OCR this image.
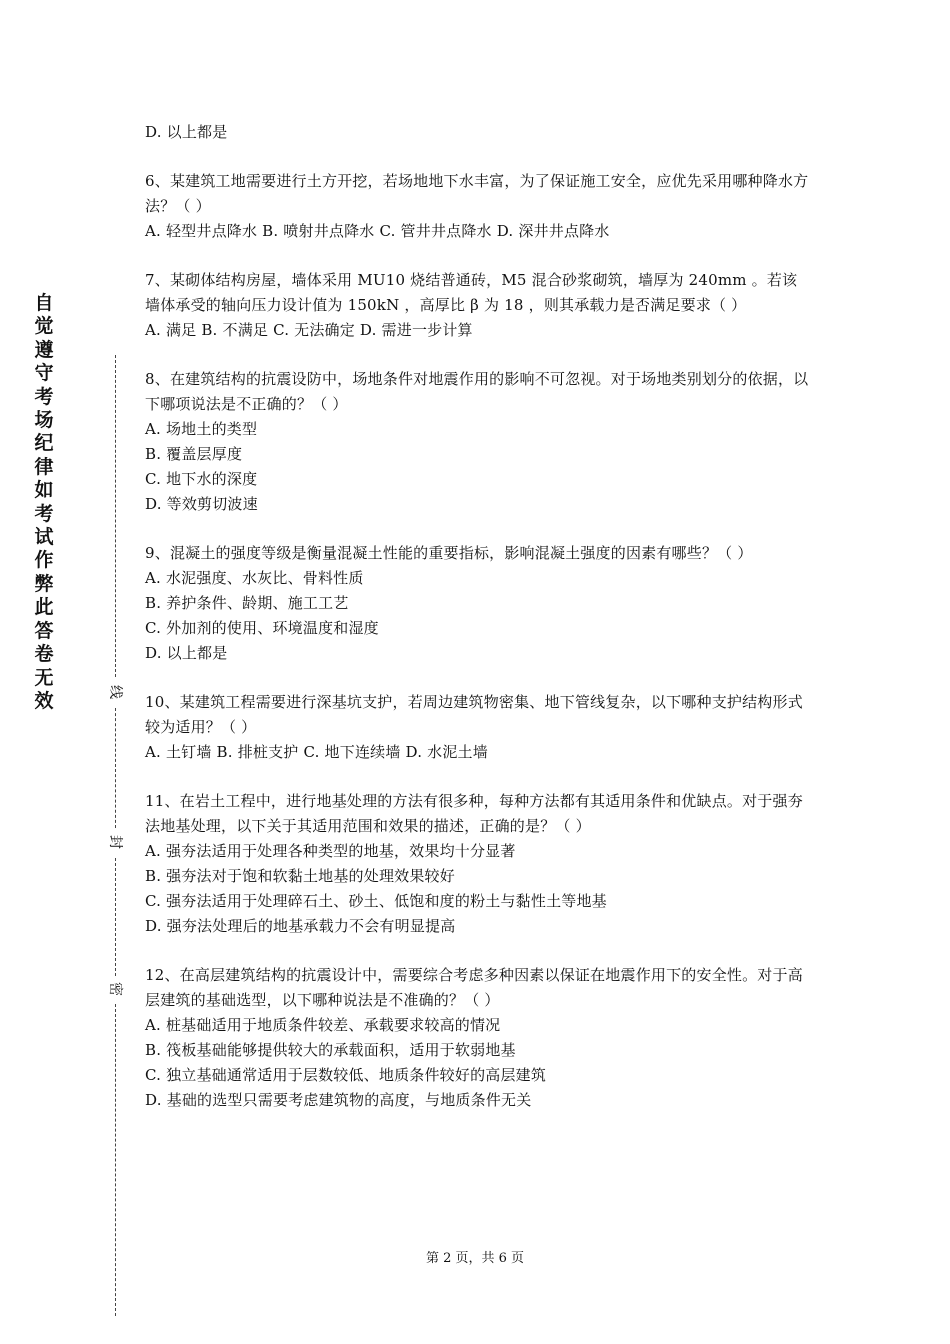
自觉遵守考场纪律如考试作弊此答卷无效	线
封
密

D. 以上都是

6、某建筑工地需要进行土方开挖，若场地地下水丰富，为了保证施工安全，应优先采用哪种降水方法？（ ）

A. 轻型井点降水 B. 喷射井点降水 C. 管井井点降水 D. 深井井点降水

7、某砌体结构房屋，墙体采用 MU10 烧结普通砖，M5 混合砂浆砌筑，墙厚为 240mm 。若该墙体承受的轴向压力设计值为 150kN ，高厚比 β 为 18 ，则其承载力是否满足要求（ ）

A. 满足 B. 不满足 C. 无法确定 D. 需进一步计算

8、在建筑结构的抗震设防中，场地条件对地震作用的影响不可忽视。对于场地类别划分的依据，以下哪项说法是不正确的？（ ）

A. 场地土的类型

B. 覆盖层厚度

C. 地下水的深度

D. 等效剪切波速

9、混凝土的强度等级是衡量混凝土性能的重要指标，影响混凝土强度的因素有哪些？（ ）

A. 水泥强度、水灰比、骨料性质

B. 养护条件、龄期、施工工艺

C. 外加剂的使用、环境温度和湿度

D. 以上都是

10、某建筑工程需要进行深基坑支护，若周边建筑物密集、地下管线复杂，以下哪种支护结构形式较为适用？（ ）

A. 土钉墙 B. 排桩支护 C. 地下连续墙 D. 水泥土墙

11、在岩土工程中，进行地基处理的方法有很多种，每种方法都有其适用条件和优缺点。对于强夯法地基处理，以下关于其适用范围和效果的描述，正确的是？（ ）

A. 强夯法适用于处理各种类型的地基，效果均十分显著

B. 强夯法对于饱和软黏土地基的处理效果较好

C. 强夯法适用于处理碎石土、砂土、低饱和度的粉土与黏性土等地基

D. 强夯法处理后的地基承载力不会有明显提高

12、在高层建筑结构的抗震设计中，需要综合考虑多种因素以保证在地震作用下的安全性。对于高层建筑的基础选型，以下哪种说法是不准确的？（ ）

A. 桩基础适用于地质条件较差、承载要求较高的情况

B. 筏板基础能够提供较大的承载面积，适用于软弱地基

C. 独立基础通常适用于层数较低、地质条件较好的高层建筑

D. 基础的选型只需要考虑建筑物的高度，与地质条件无关

第 2 页，共 6 页
